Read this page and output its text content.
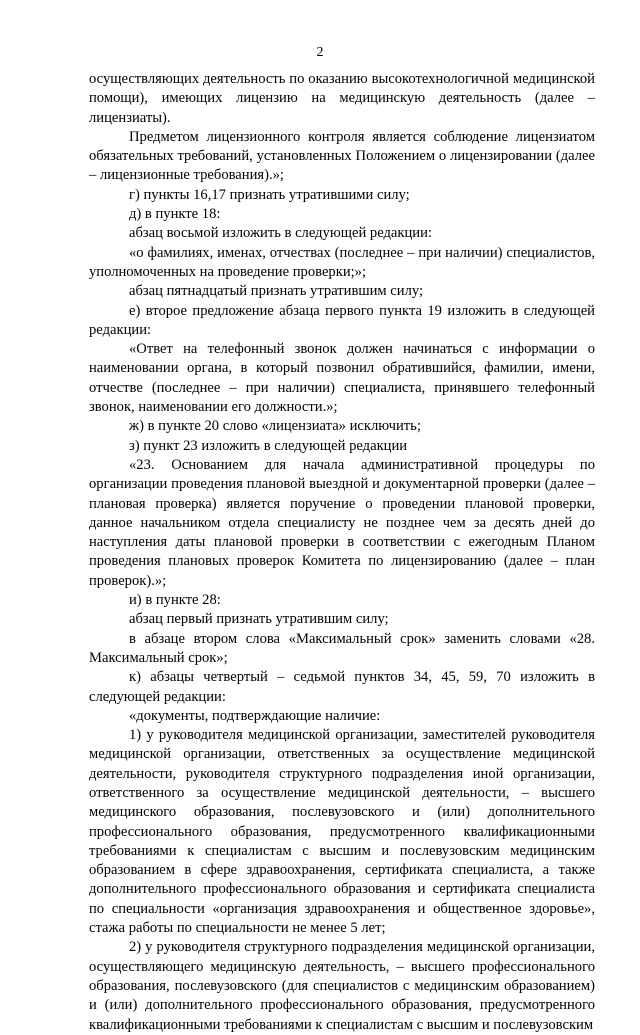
2

осуществляющих деятельность по оказанию высокотехнологичной медицинской помощи), имеющих лицензию на медицинскую деятельность (далее – лицензиаты).

Предметом лицензионного контроля является соблюдение лицензиатом обязательных требований, установленных Положением о лицензировании (далее – лицензионные требования).»;

г) пункты 16,17 признать утратившими силу;

д) в пункте 18:

абзац восьмой изложить в следующей редакции:

«о фамилиях, именах, отчествах (последнее – при наличии) специалистов, уполномоченных на проведение проверки;»;

абзац пятнадцатый признать утратившим силу;

е) второе предложение абзаца первого пункта 19 изложить в следующей редакции:

«Ответ на телефонный звонок должен начинаться с информации о наименовании органа, в который позвонил обратившийся, фамилии, имени, отчестве (последнее – при наличии) специалиста, принявшего телефонный звонок, наименовании его должности.»;

ж) в пункте 20 слово «лицензиата» исключить;

з) пункт 23 изложить в следующей редакции

«23. Основанием для начала административной процедуры по организации проведения плановой выездной и документарной проверки (далее – плановая проверка) является поручение о проведении плановой проверки, данное начальником отдела специалисту не позднее чем за десять дней до наступления даты плановой проверки в соответствии с ежегодным Планом проведения плановых проверок Комитета по лицензированию (далее – план проверок).»;

и) в пункте 28:

абзац первый признать утратившим силу;

в абзаце втором слова «Максимальный срок» заменить словами «28. Максимальный срок»;

к) абзацы четвертый – седьмой пунктов 34, 45, 59, 70 изложить в следующей редакции:

«документы, подтверждающие наличие:

1) у руководителя медицинской организации, заместителей руководителя медицинской организации, ответственных за осуществление медицинской деятельности, руководителя структурного подразделения иной организации, ответственного за осуществление медицинской деятельности, – высшего медицинского образования, послевузовского и (или) дополнительного профессионального образования, предусмотренного квалификационными требованиями к специалистам с высшим и послевузовским медицинским образованием в сфере здравоохранения, сертификата специалиста, а также дополнительного профессионального образования и сертификата специалиста по специальности «организация здравоохранения и общественное здоровье», стажа работы по специальности не менее 5 лет;

2) у руководителя структурного подразделения медицинской организации, осуществляющего медицинскую деятельность, – высшего профессионального образования, послевузовского (для специалистов с медицинским образованием) и (или) дополнительного профессионального образования, предусмотренного квалификационными требованиями к специалистам с высшим и послевузовским
